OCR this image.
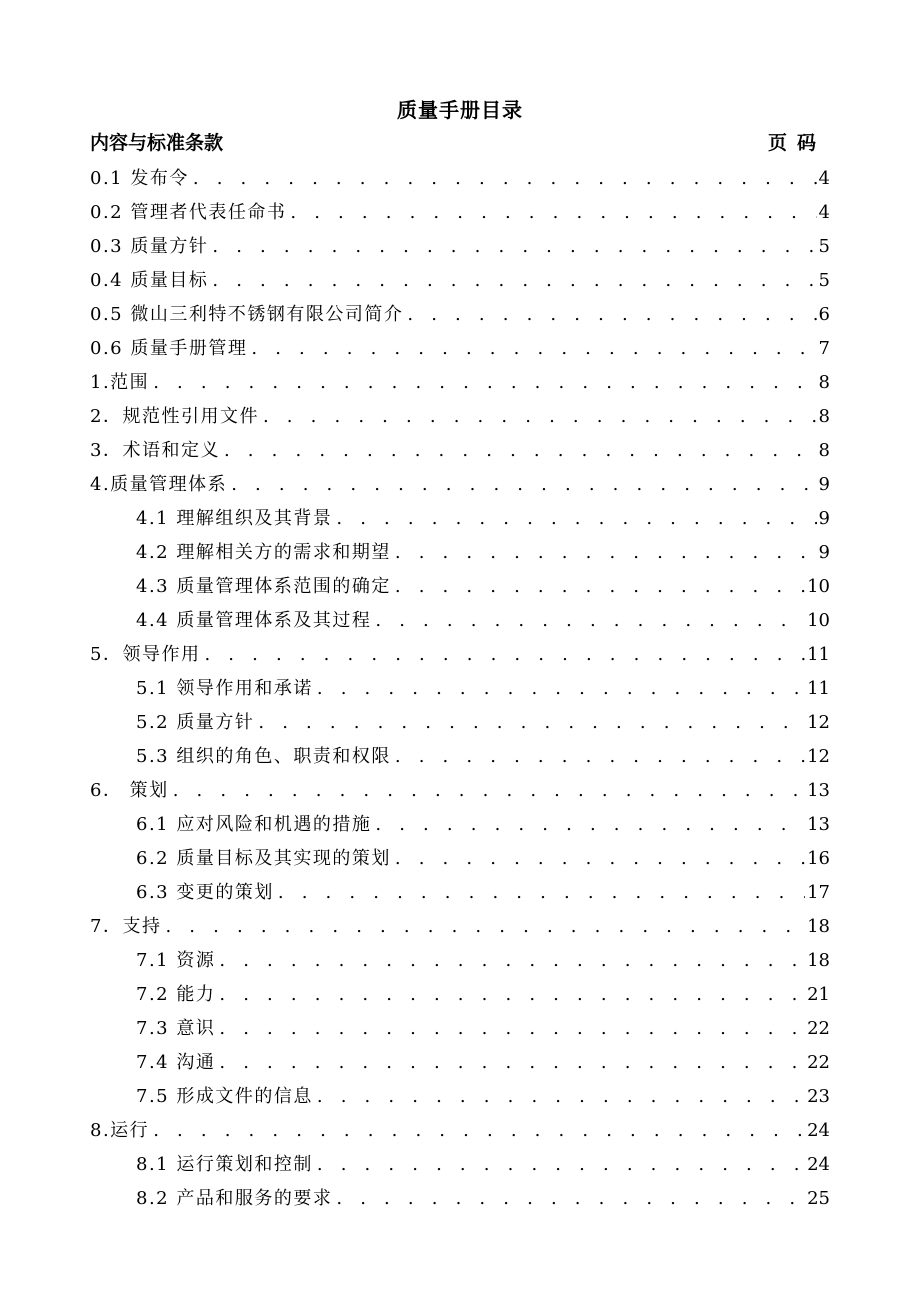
质量手册目录
内容与标准条款	页码
0.1 发布令 . . .	4
0.2 管理者代表任命书 . . .	4
0.3 质量方针 . . .	5
0.4 质量目标 . . .	5
0.5 微山三利特不锈钢有限公司简介 . . .	6
0.6 质量手册管理 . . .	7
1.范围 . . .	8
2．规范性引用文件 . . .	8
3．术语和定义 . . .	8
4.质量管理体系 . . .	9
4.1 理解组织及其背景 . . .	9
4.2 理解相关方的需求和期望 . . .	9
4.3 质量管理体系范围的确定 . . .	10
4.4 质量管理体系及其过程 . . .	10
5．领导作用 . . .	11
5.1 领导作用和承诺 . . .	11
5.2 质量方针 . . .	12
5.3 组织的角色、职责和权限 . . .	12
6． 策划 . . .	13
6.1 应对风险和机遇的措施 . . .	13
6.2 质量目标及其实现的策划 . . .	16
6.3 变更的策划 . . .	17
7．支持 . . .	18
7.1 资源 . . .	18
7.2 能力 . . .	21
7.3 意识 . . .	22
7.4 沟通 . . .	22
7.5 形成文件的信息 . . .	23
8.运行 . . .	24
8.1 运行策划和控制 . . .	24
8.2 产品和服务的要求 . . .	25
